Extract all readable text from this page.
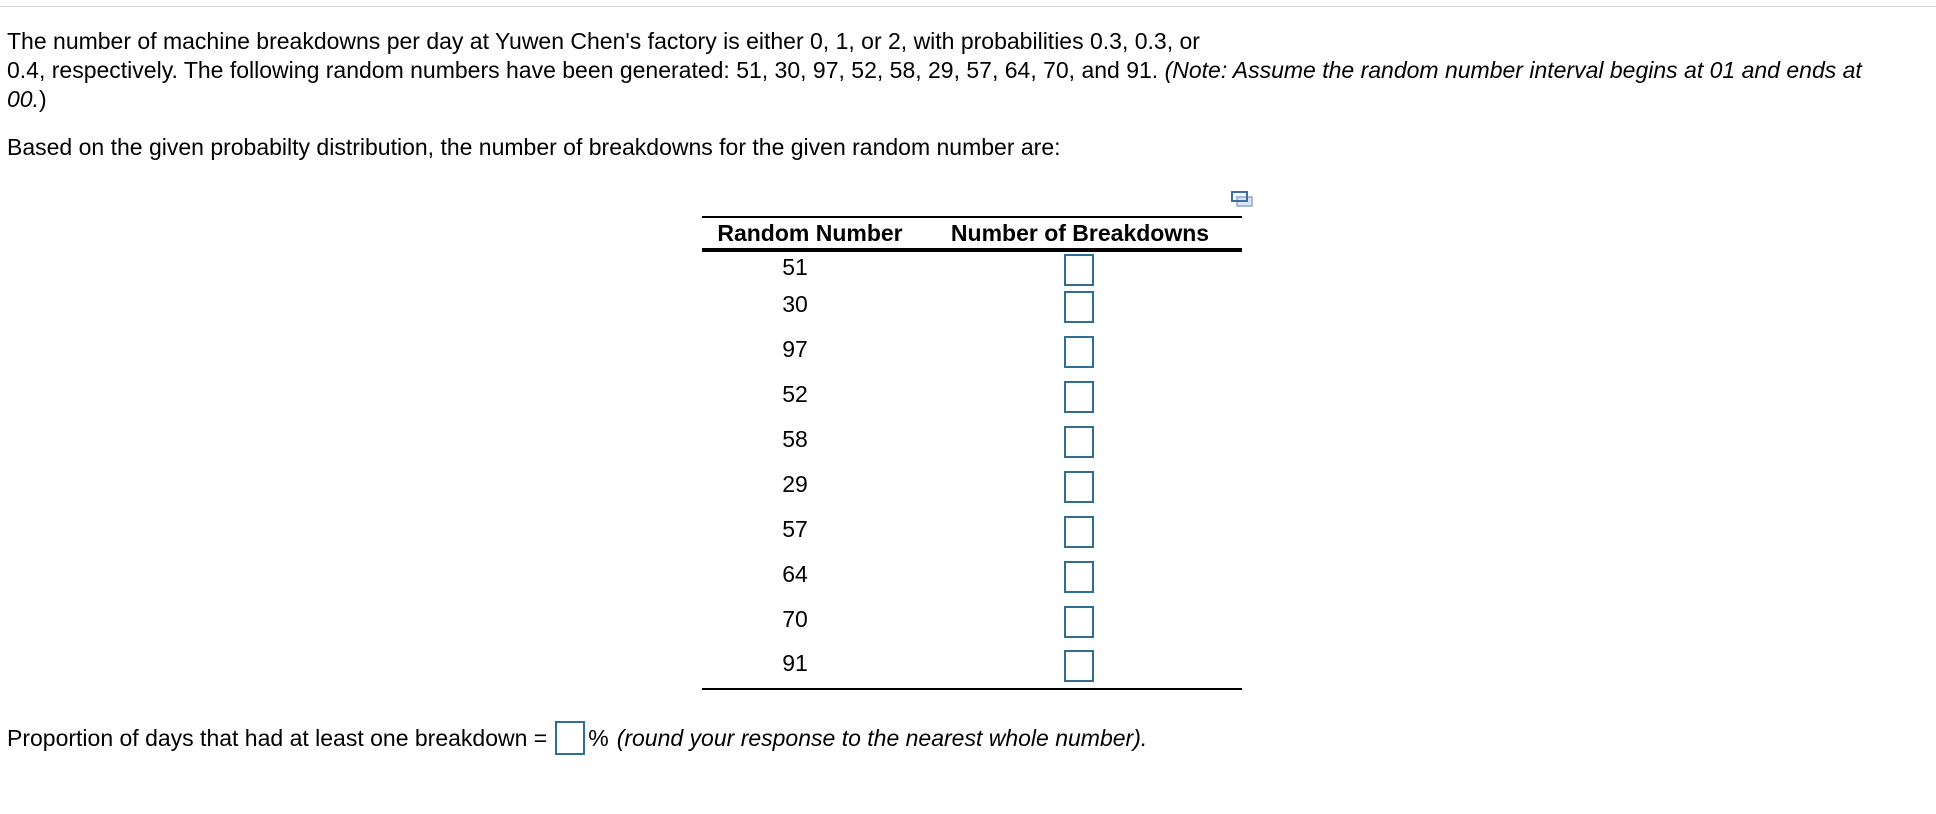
The number of machine breakdowns per day at Yuwen Chen's factory is either 0, 1, or 2, with probabilities 0.3, 0.3, or
0.4, respectively. The following random numbers have been generated: 51, 30, 97, 52, 58, 29, 57, 64, 70, and 91. (Note: Assume the random number interval begins at 01 and ends at
00.)

Based on the given probabilty distribution, the number of breakdowns for the given random number are:

Random Number	Number of Breakdowns
51
30
97
52
58
29
57
64
70
91
Proportion of days that had at least one breakdown = % (round your response to the nearest whole number).
